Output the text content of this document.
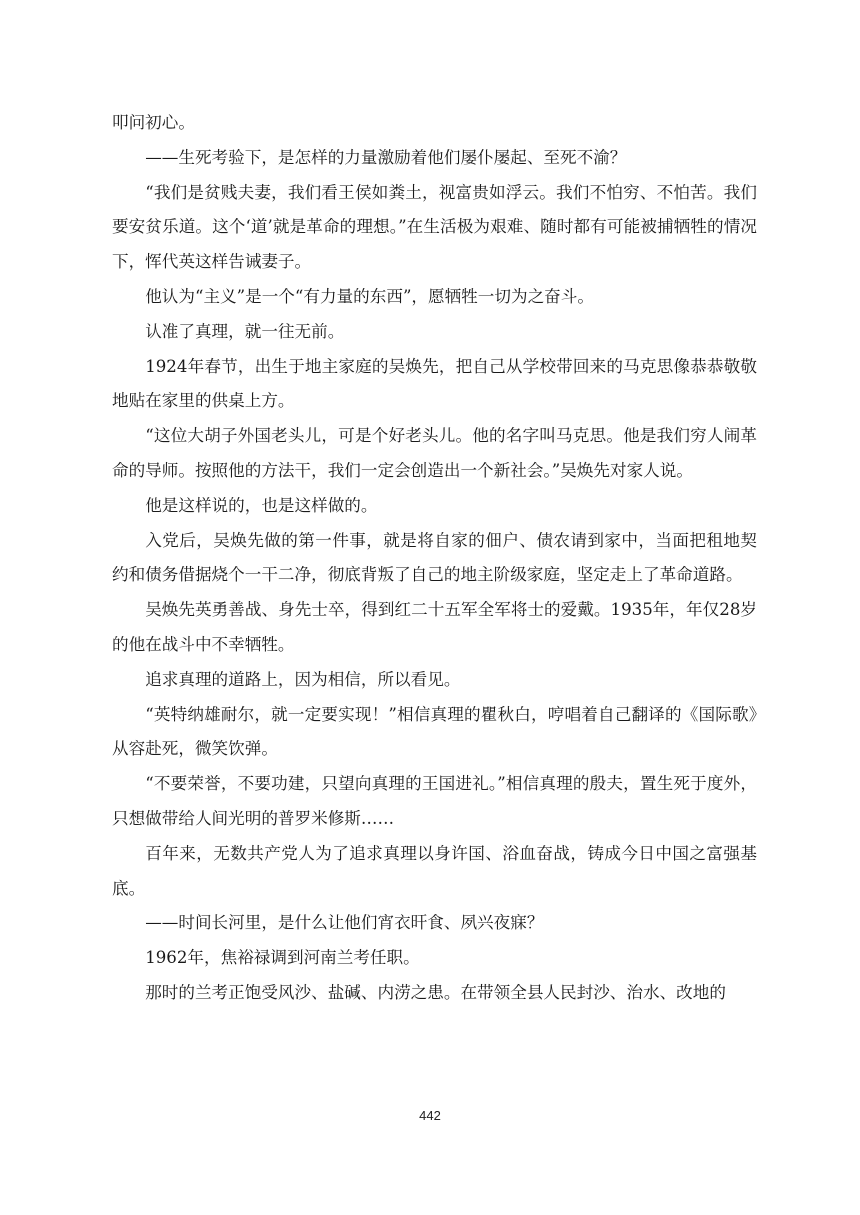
叩问初心。

——生死考验下，是怎样的力量激励着他们屡仆屡起、至死不渝？

“我们是贫贱夫妻，我们看王侯如粪土，视富贵如浮云。我们不怕穷、不怕苦。我们要安贫乐道。这个‘道’就是革命的理想。”在生活极为艰难、随时都有可能被捕牺牲的情况下，恽代英这样告诫妻子。

他认为“主义”是一个“有力量的东西”，愿牺牲一切为之奋斗。

认准了真理，就一往无前。

1924年春节，出生于地主家庭的吴焕先，把自己从学校带回来的马克思像恭恭敬敬地贴在家里的供桌上方。

“这位大胡子外国老头儿，可是个好老头儿。他的名字叫马克思。他是我们穷人闹革命的导师。按照他的方法干，我们一定会创造出一个新社会。”吴焕先对家人说。

他是这样说的，也是这样做的。

入党后，吴焕先做的第一件事，就是将自家的佃户、债农请到家中，当面把租地契约和债务借据烧个一干二净，彻底背叛了自己的地主阶级家庭，坚定走上了革命道路。

吴焕先英勇善战、身先士卒，得到红二十五军全军将士的爱戴。1935年，年仅28岁的他在战斗中不幸牺牲。

追求真理的道路上，因为相信，所以看见。

“英特纳雄耐尔，就一定要实现！”相信真理的瞿秋白，哼唱着自己翻译的《国际歌》从容赴死，微笑饮弹。

“不要荣誉，不要功建，只望向真理的王国进礼。”相信真理的殷夫，置生死于度外，只想做带给人间光明的普罗米修斯……

百年来，无数共产党人为了追求真理以身许国、浴血奋战，铸成今日中国之富强基底。

——时间长河里，是什么让他们宵衣旰食、夙兴夜寐？

1962年，焦裕禄调到河南兰考任职。

那时的兰考正饱受风沙、盐碱、内涝之患。在带领全县人民封沙、治水、改地的

442
